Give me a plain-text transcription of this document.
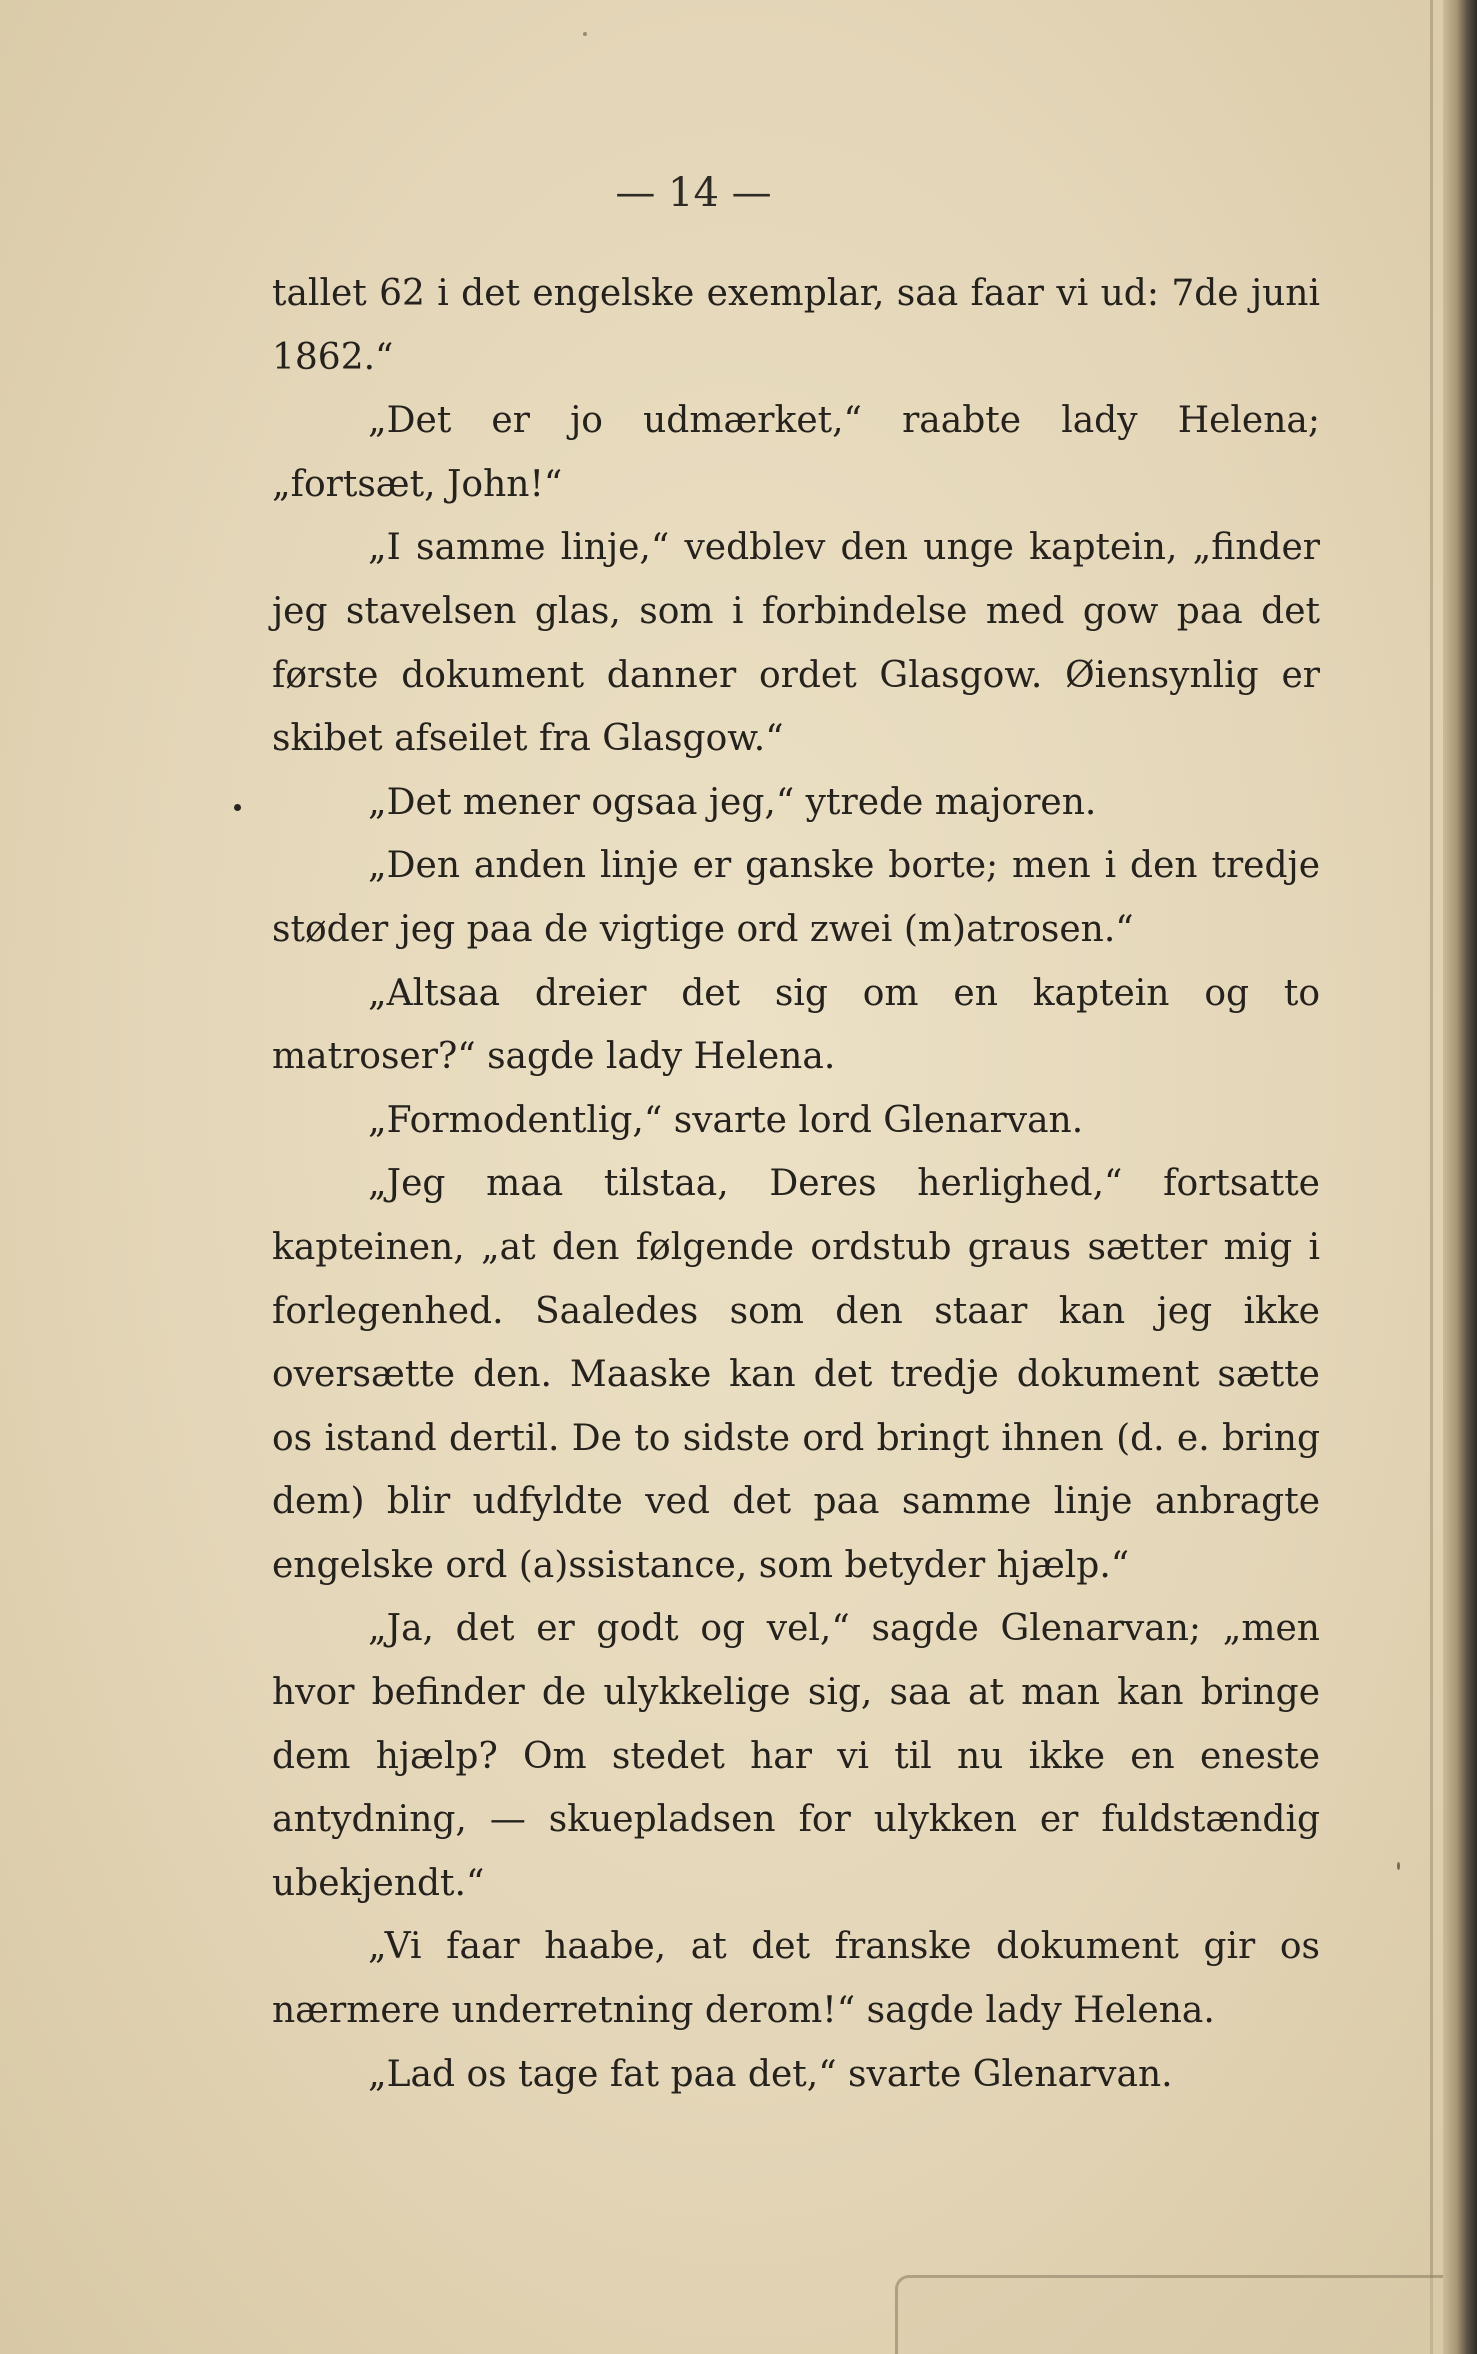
— 14 —

tallet 62 i det engelske exemplar, saa faar vi ud: 7de juni 1862.“

„Det er jo udmærket,“ raabte lady Helena; „fortsæt, John!“

„I samme linje,“ vedblev den unge kaptein, „finder jeg stavelsen glas, som i forbindelse med gow paa det første dokument danner ordet Glasgow. Øiensynlig er skibet afseilet fra Glasgow.“

„Det mener ogsaa jeg,“ ytrede majoren.

„Den anden linje er ganske borte; men i den tredje støder jeg paa de vigtige ord zwei (m)atrosen.“

„Altsaa dreier det sig om en kaptein og to matroser?“ sagde lady Helena.

„Formodentlig,“ svarte lord Glenarvan.

„Jeg maa tilstaa, Deres herlighed,“ fortsatte kapteinen, „at den følgende ordstub graus sætter mig i forlegenhed. Saaledes som den staar kan jeg ikke oversætte den. Maaske kan det tredje dokument sætte os istand dertil. De to sidste ord bringt ihnen (d. e. bring dem) blir udfyldte ved det paa samme linje anbragte engelske ord (a)ssistance, som betyder hjælp.“

„Ja, det er godt og vel,“ sagde Glenarvan; „men hvor befinder de ulykkelige sig, saa at man kan bringe dem hjælp? Om stedet har vi til nu ikke en eneste antydning, — skuepladsen for ulykken er fuldstændig ubekjendt.“

„Vi faar haabe, at det franske dokument gir os nærmere underretning derom!“ sagde lady Helena.

„Lad os tage fat paa det,“ svarte Glenarvan.
